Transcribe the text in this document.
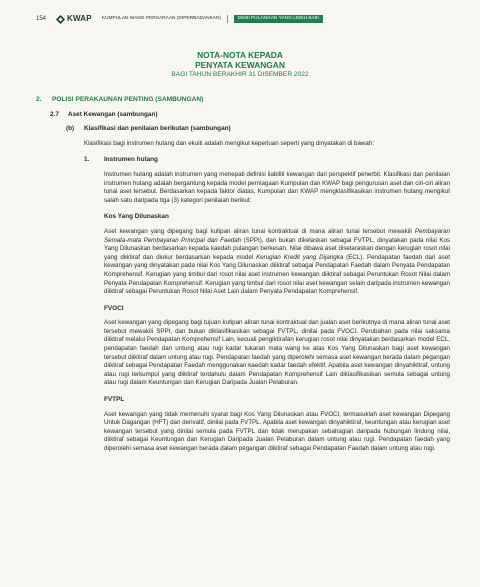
154	KWAP KUMPULAN WANG PERSARAAN (DIPERBADANKAN)	DEMI PULANGAN YANG LEBIH BAIK
NOTA-NOTA KEPADA
PENYATA KEWANGAN
BAGI TAHUN BERAKHIR 31 DISEMBER 2022
2.	POLISI PERAKAUNAN PENTING (SAMBUNGAN)
2.7	Aset Kewangan (sambungan)
(b)	Klasifikasi dan penilaian berikutan (sambungan)
Klasifikasi bagi instrumen hutang dan ekuiti adalah mengikut keperluan seperti yang dinyatakan di bawah:
1.	Instrumen hutang
Instrumen hutang adalah instrumen yang menepati definisi liabiliti kewangan dari perspektif penerbit. Klasifikasi dan penilaian instrumen hutang adalah bergantung kepada model perniagaan Kumpulan dan KWAP bagi pengurusan aset dan ciri-ciri aliran tunai aset tersebut. Berdasarkan kepada faktor diatas, Kumpulan dan KWAP mengklasifikasikan instrumen hutang mengikut salah satu daripada tiga (3) kategori penilaian berikut:
Kos Yang Dilunaskan
Aset kewangan yang dipegang bagi kutipan aliran tunai kontraktual di mana aliran tunai tersebut mewakili Pembayaran Semata-mata Pembayaran Principal dan Faedah (SPPI), dan bukan dikelaskan sebagai FVTPL, dinyatakan pada nilai Kos Yang Dilunaskan berdasarkan kepada kaedah pulangan berkesan. Nilai dibawa aset diselaraskan dengan kerugian rosot nilai yang diiktiraf dan diukur berdasarkan kepada model Kerugian Kredit yang Dijangka (ECL). Pendapatan faedah dari aset kewangan yang dinyatakan pada nilai Kos Yang Dilunaskan diiktiraf sebagai Pendapatan Faedah dalam Penyata Pendapatan Komprehensif. Kerugian yang timbul dari rosot nilai aset instrumen kewangan diiktiraf sebagai Peruntukan Rosot Nilai dalam Penyata Pendapatan Komprehensif. Kerugian yang timbul dari rosot nilai aset kewangan selain daripada instrumen kewangan diiktiraf sebagai Peruntukan Rosot Nilai Aset Lain dalam Penyata Pendapatan Komprehensif.
FVOCI
Aset kewangan yang dipegang bagi tujuan kutipan aliran tunai kontraktual dan jualan aset berikutnya di mana aliran tunai aset tersebut mewakili SPPI, dan bukan diklasifikasikan sebagai FVTPL, dinilai pada FVOCI. Perubahan pada nilai saksama diiktiraf melalui Pendapatan Komprehensif Lain, kecuali pengiktirafan kerugian rosot nilai dinyatakan berdasarkan model ECL, pendapatan faedah dan untung atau rugi kadar tukaran mata wang ke atas Kos Yang Dilunaskan bagi aset kewangan tersebut diiktiraf dalam untung atau rugi. Pendapatan faedah yang diperolehi semasa aset kewangan berada dalam pegangan diiktiraf sebagai Pendapatan Faedah menggunakan kaedah kadar faedah efektif. Apabila aset kewangan dinyahiktiraf, untung atau rugi terkumpul yang diiktiraf terdahulu dalam Pendapatan Komprehensif Lain diklasifikasikan semula sebagai untung atau rugi dalam Keuntungan dan Kerugian Daripada Jualan Pelaburan.
FVTPL
Aset kewangan yang tidak memenuhi syarat bagi Kos Yang Dilunaskan atau FVOCI, termasuklah aset kewangan Dipegang Untuk Dagangan (HFT) dan derivatif, dinilai pada FVTPL. Apabila aset kewangan dinyahiktiraf, keuntungan atau kerugian aset kewangan tersebut yang dinilai semula pada FVTPL dan tidak merupakan sebahagian daripada hubungan lindung nilai, diiktiraf sebagai Keuntungan dan Kerugian Daripada Jualan Pelaburan dalam untung atau rugi. Pendapatan faedah yang diperolehi semasa aset kewangan berada dalam pegangan diiktiraf sebagai Pendapatan Faedah dalam untung atau rugi.
